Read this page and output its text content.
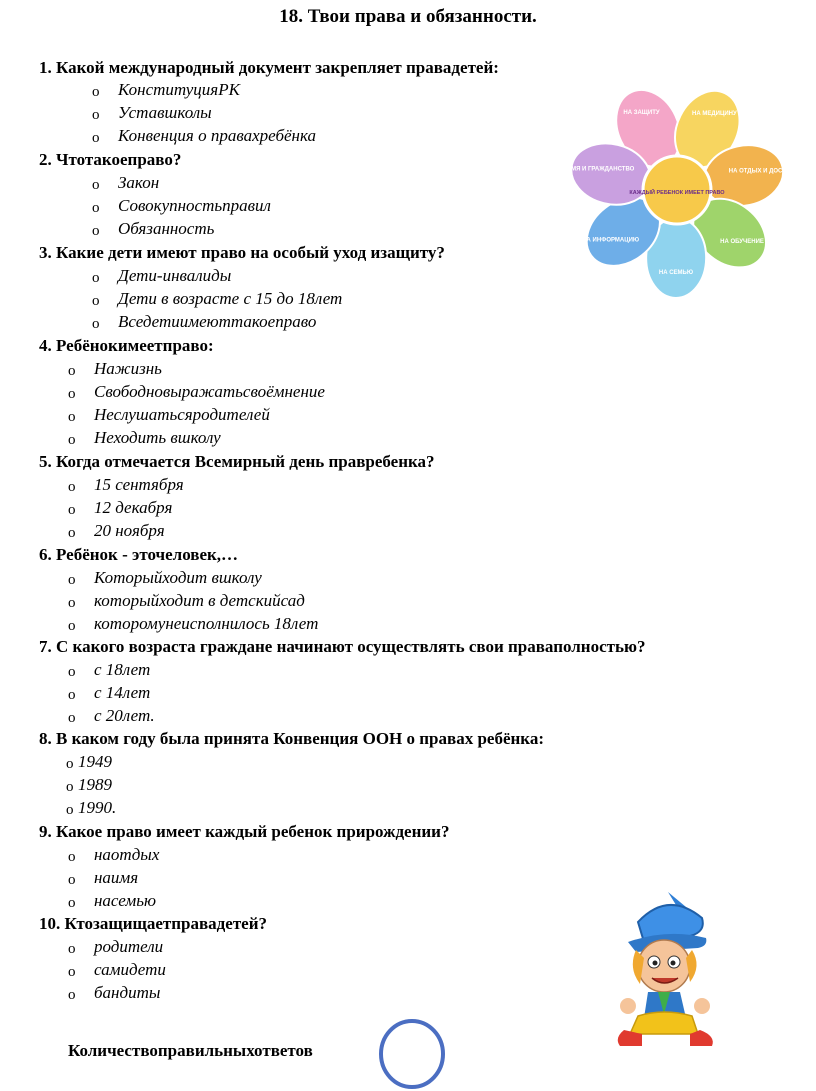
18. Твои права и обязанности.
1. Какой международный документ закрепляет правадетей:
o КонституцияРК
o Уставшколы
o Конвенция о правахребёнка
2. Чтотакоеправо?
o Закон
o Совокупностьправил
o Обязанность
3. Какие дети имеют право на особый уход изащиту?
o Дети-инвалиды
o Дети в возрасте с 15 до 18лет
o Вседетиимеюттакоеправо
4. Ребёнокимеетправо:
o Нажизнь
o Свободновыражатьсвоёмнение
o Неслушатьсяродителей
o Неходить вшколу
5. Когда отмечается Всемирный день правребенка?
o 15 сентября
o 12 декабря
o 20 ноября
6. Ребёнок - эточеловек,…
o Которыйходит вшколу
o которыйходит в детскийсад
o которомунеисполнилось 18лет
7. С какого возраста граждане начинают осуществлять свои праваполностью?
o с 18лет
o с 14лет
o с 20лет.
8. В каком году была принята Конвенция ООН о правах ребёнка:
o 1949
o 1989
o 1990.
9. Какое право имеет каждый ребенок прирождении?
o наотдых
o наимя
o насемью
10. Ктозащищаетправадетей?
o родители
o самидети
o бандиты
Количествоправильныхответов
НА ЗАЩИТУ	НА МЕДИЦИНУ
НА ОТДЫХ И ДОСУГ
НА ОБУЧЕНИЕ
НА СЕМЬЮ
НА ИНФОРМАЦИЮ
НА ИМЯ И ГРАЖДАНСТВО
КАЖДЫЙ РЕБЕНОК ИМЕЕТ ПРАВО
